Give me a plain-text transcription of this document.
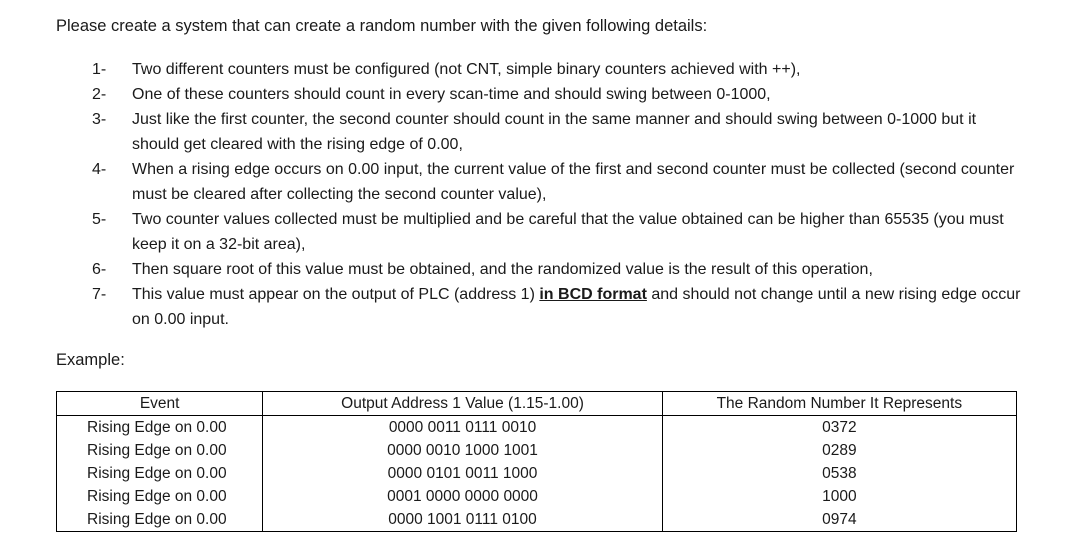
Please create a system that can create a random number with the given following details:

1-	Two different counters must be configured (not CNT, simple binary counters achieved with ++),
2-	One of these counters should count in every scan-time and should swing between 0-1000,
3-	Just like the first counter, the second counter should count in the same manner and should swing between 0-1000 but it should get cleared with the rising edge of 0.00,
4-	When a rising edge occurs on 0.00 input, the current value of the first and second counter must be collected (second counter must be cleared after collecting the second counter value),
5-	Two counter values collected must be multiplied and be careful that the value obtained can be higher than 65535 (you must keep it on a 32-bit area),
6-	Then square root of this value must be obtained, and the randomized value is the result of this operation,
7-	This value must appear on the output of PLC (address 1) in BCD format and should not change until a new rising edge occur on 0.00 input.

Example:

Event	Output Address 1 Value (1.15-1.00)	The Random Number It Represents
Rising Edge on 0.00	0000 0011 0111 0010	0372
Rising Edge on 0.00	0000 0010 1000 1001	0289
Rising Edge on 0.00	0000 0101 0011 1000	0538
Rising Edge on 0.00	0001 0000 0000 0000	1000
Rising Edge on 0.00	0000 1001 0111 0100	0974
